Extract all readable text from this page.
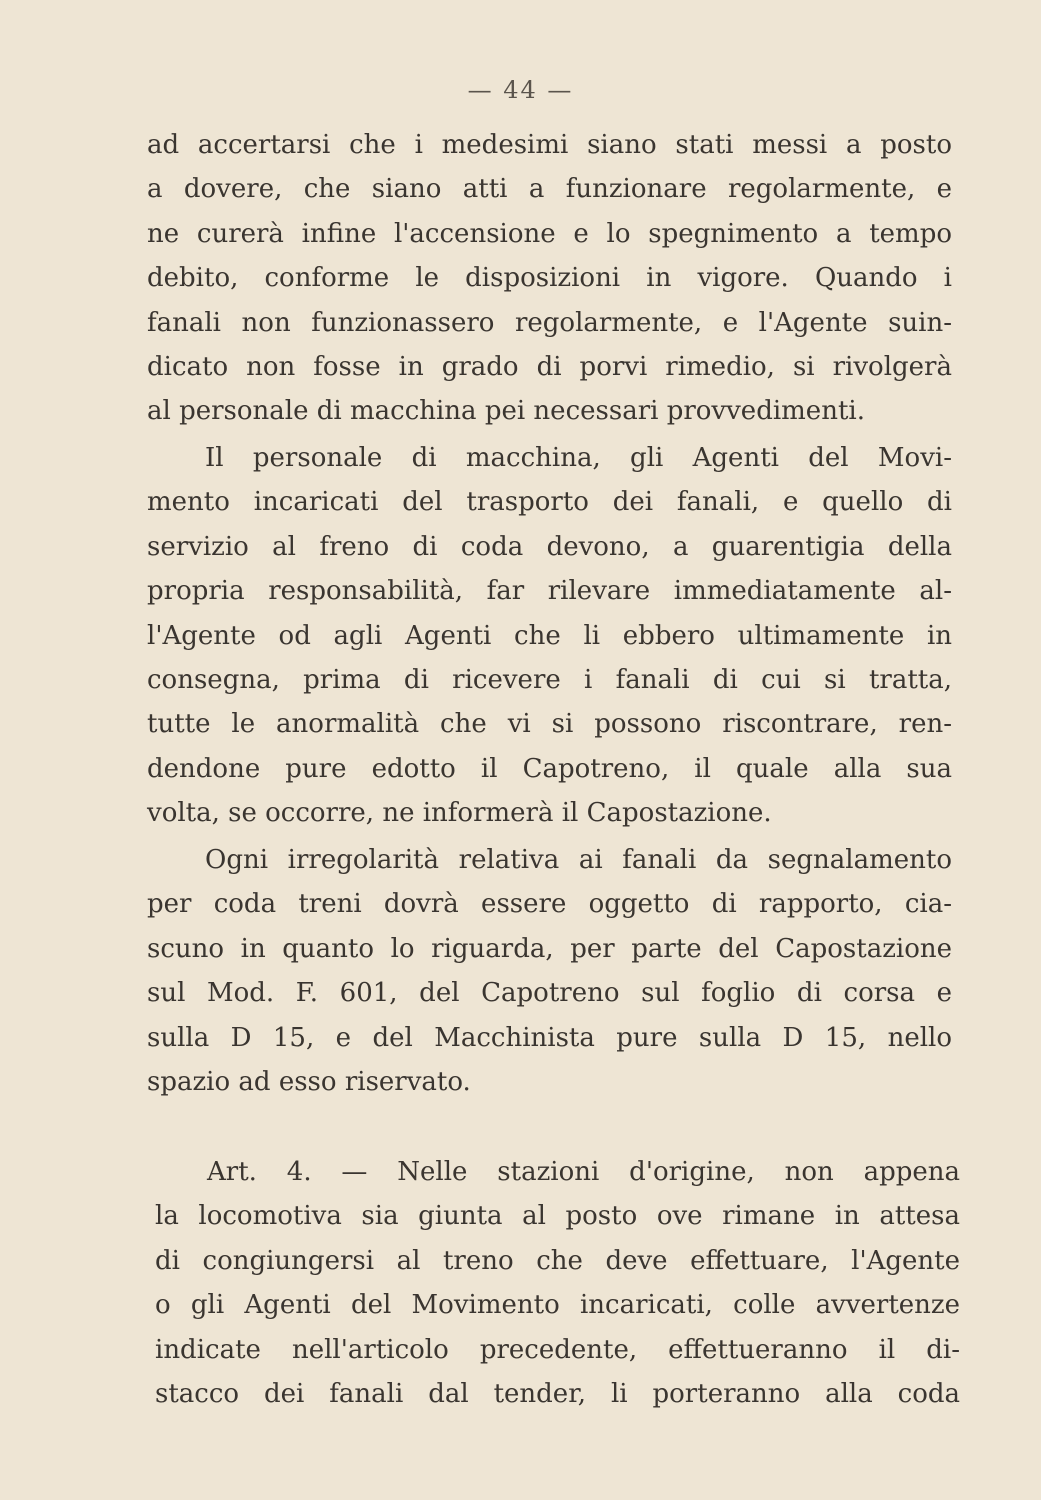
— 44 —

ad accertarsi che i medesimi siano stati messi a posto
a dovere, che siano atti a funzionare regolarmente, e
ne curerà infine l'accensione e lo spegnimento a tempo
debito, conforme le disposizioni in vigore. Quando i
fanali non funzionassero regolarmente, e l'Agente suin-
dicato non fosse in grado di porvi rimedio, si rivolgerà
al personale di macchina pei necessari provvedimenti.

Il personale di macchina, gli Agenti del Movi-
mento incaricati del trasporto dei fanali, e quello di
servizio al freno di coda devono, a guarentigia della
propria responsabilità, far rilevare immediatamente al-
l'Agente od agli Agenti che li ebbero ultimamente in
consegna, prima di ricevere i fanali di cui si tratta,
tutte le anormalità che vi si possono riscontrare, ren-
dendone pure edotto il Capotreno, il quale alla sua
volta, se occorre, ne informerà il Capostazione.

Ogni irregolarità relativa ai fanali da segnalamento
per coda treni dovrà essere oggetto di rapporto, cia-
scuno in quanto lo riguarda, per parte del Capostazione
sul Mod. F. 601, del Capotreno sul foglio di corsa e
sulla D 15, e del Macchinista pure sulla D 15, nello
spazio ad esso riservato.

Art. 4. — Nelle stazioni d'origine, non appena
la locomotiva sia giunta al posto ove rimane in attesa
di congiungersi al treno che deve effettuare, l'Agente
o gli Agenti del Movimento incaricati, colle avvertenze
indicate nell'articolo precedente, effettueranno il di-
stacco dei fanali dal tender, li porteranno alla coda
